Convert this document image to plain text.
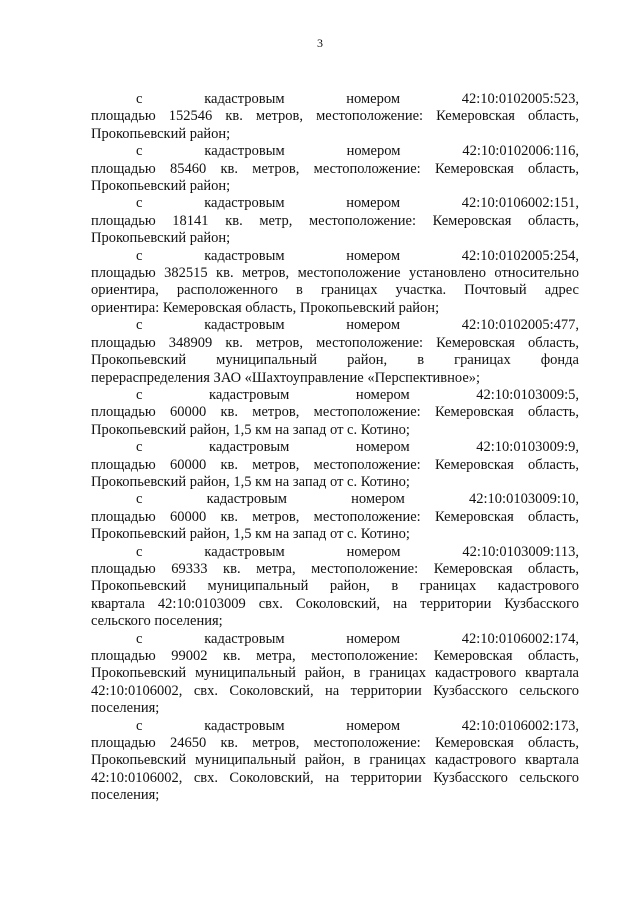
3
с кадастровым номером 42:10:0102005:523,
площадью 152546 кв. метров, местоположение: Кемеровская область,
Прокопьевский район;
с кадастровым номером 42:10:0102006:116,
площадью 85460 кв. метров, местоположение: Кемеровская область,
Прокопьевский район;
с кадастровым номером 42:10:0106002:151,
площадью 18141 кв. метр, местоположение: Кемеровская область,
Прокопьевский район;
с кадастровым номером 42:10:0102005:254,
площадью 382515 кв. метров, местоположение установлено относительно
ориентира, расположенного в границах участка. Почтовый адрес
ориентира: Кемеровская область, Прокопьевский район;
с кадастровым номером 42:10:0102005:477,
площадью 348909 кв. метров, местоположение: Кемеровская область,
Прокопьевский муниципальный район, в границах фонда
перераспределения ЗАО «Шахтоуправление «Перспективное»;
с кадастровым номером 42:10:0103009:5,
площадью 60000 кв. метров, местоположение: Кемеровская область,
Прокопьевский район, 1,5 км на запад от с. Котино;
с кадастровым номером 42:10:0103009:9,
площадью 60000 кв. метров, местоположение: Кемеровская область,
Прокопьевский район, 1,5 км на запад от с. Котино;
с кадастровым номером 42:10:0103009:10,
площадью 60000 кв. метров, местоположение: Кемеровская область,
Прокопьевский район, 1,5 км на запад от с. Котино;
с кадастровым номером 42:10:0103009:113,
площадью 69333 кв. метра, местоположение: Кемеровская область,
Прокопьевский муниципальный район, в границах кадастрового
квартала 42:10:0103009 свх. Соколовский, на территории Кузбасского
сельского поселения;
с кадастровым номером 42:10:0106002:174,
площадью 99002 кв. метра, местоположение: Кемеровская область,
Прокопьевский муниципальный район, в границах кадастрового квартала
42:10:0106002, свх. Соколовский, на территории Кузбасского сельского
поселения;
с кадастровым номером 42:10:0106002:173,
площадью 24650 кв. метров, местоположение: Кемеровская область,
Прокопьевский муниципальный район, в границах кадастрового квартала
42:10:0106002, свх. Соколовский, на территории Кузбасского сельского
поселения;
